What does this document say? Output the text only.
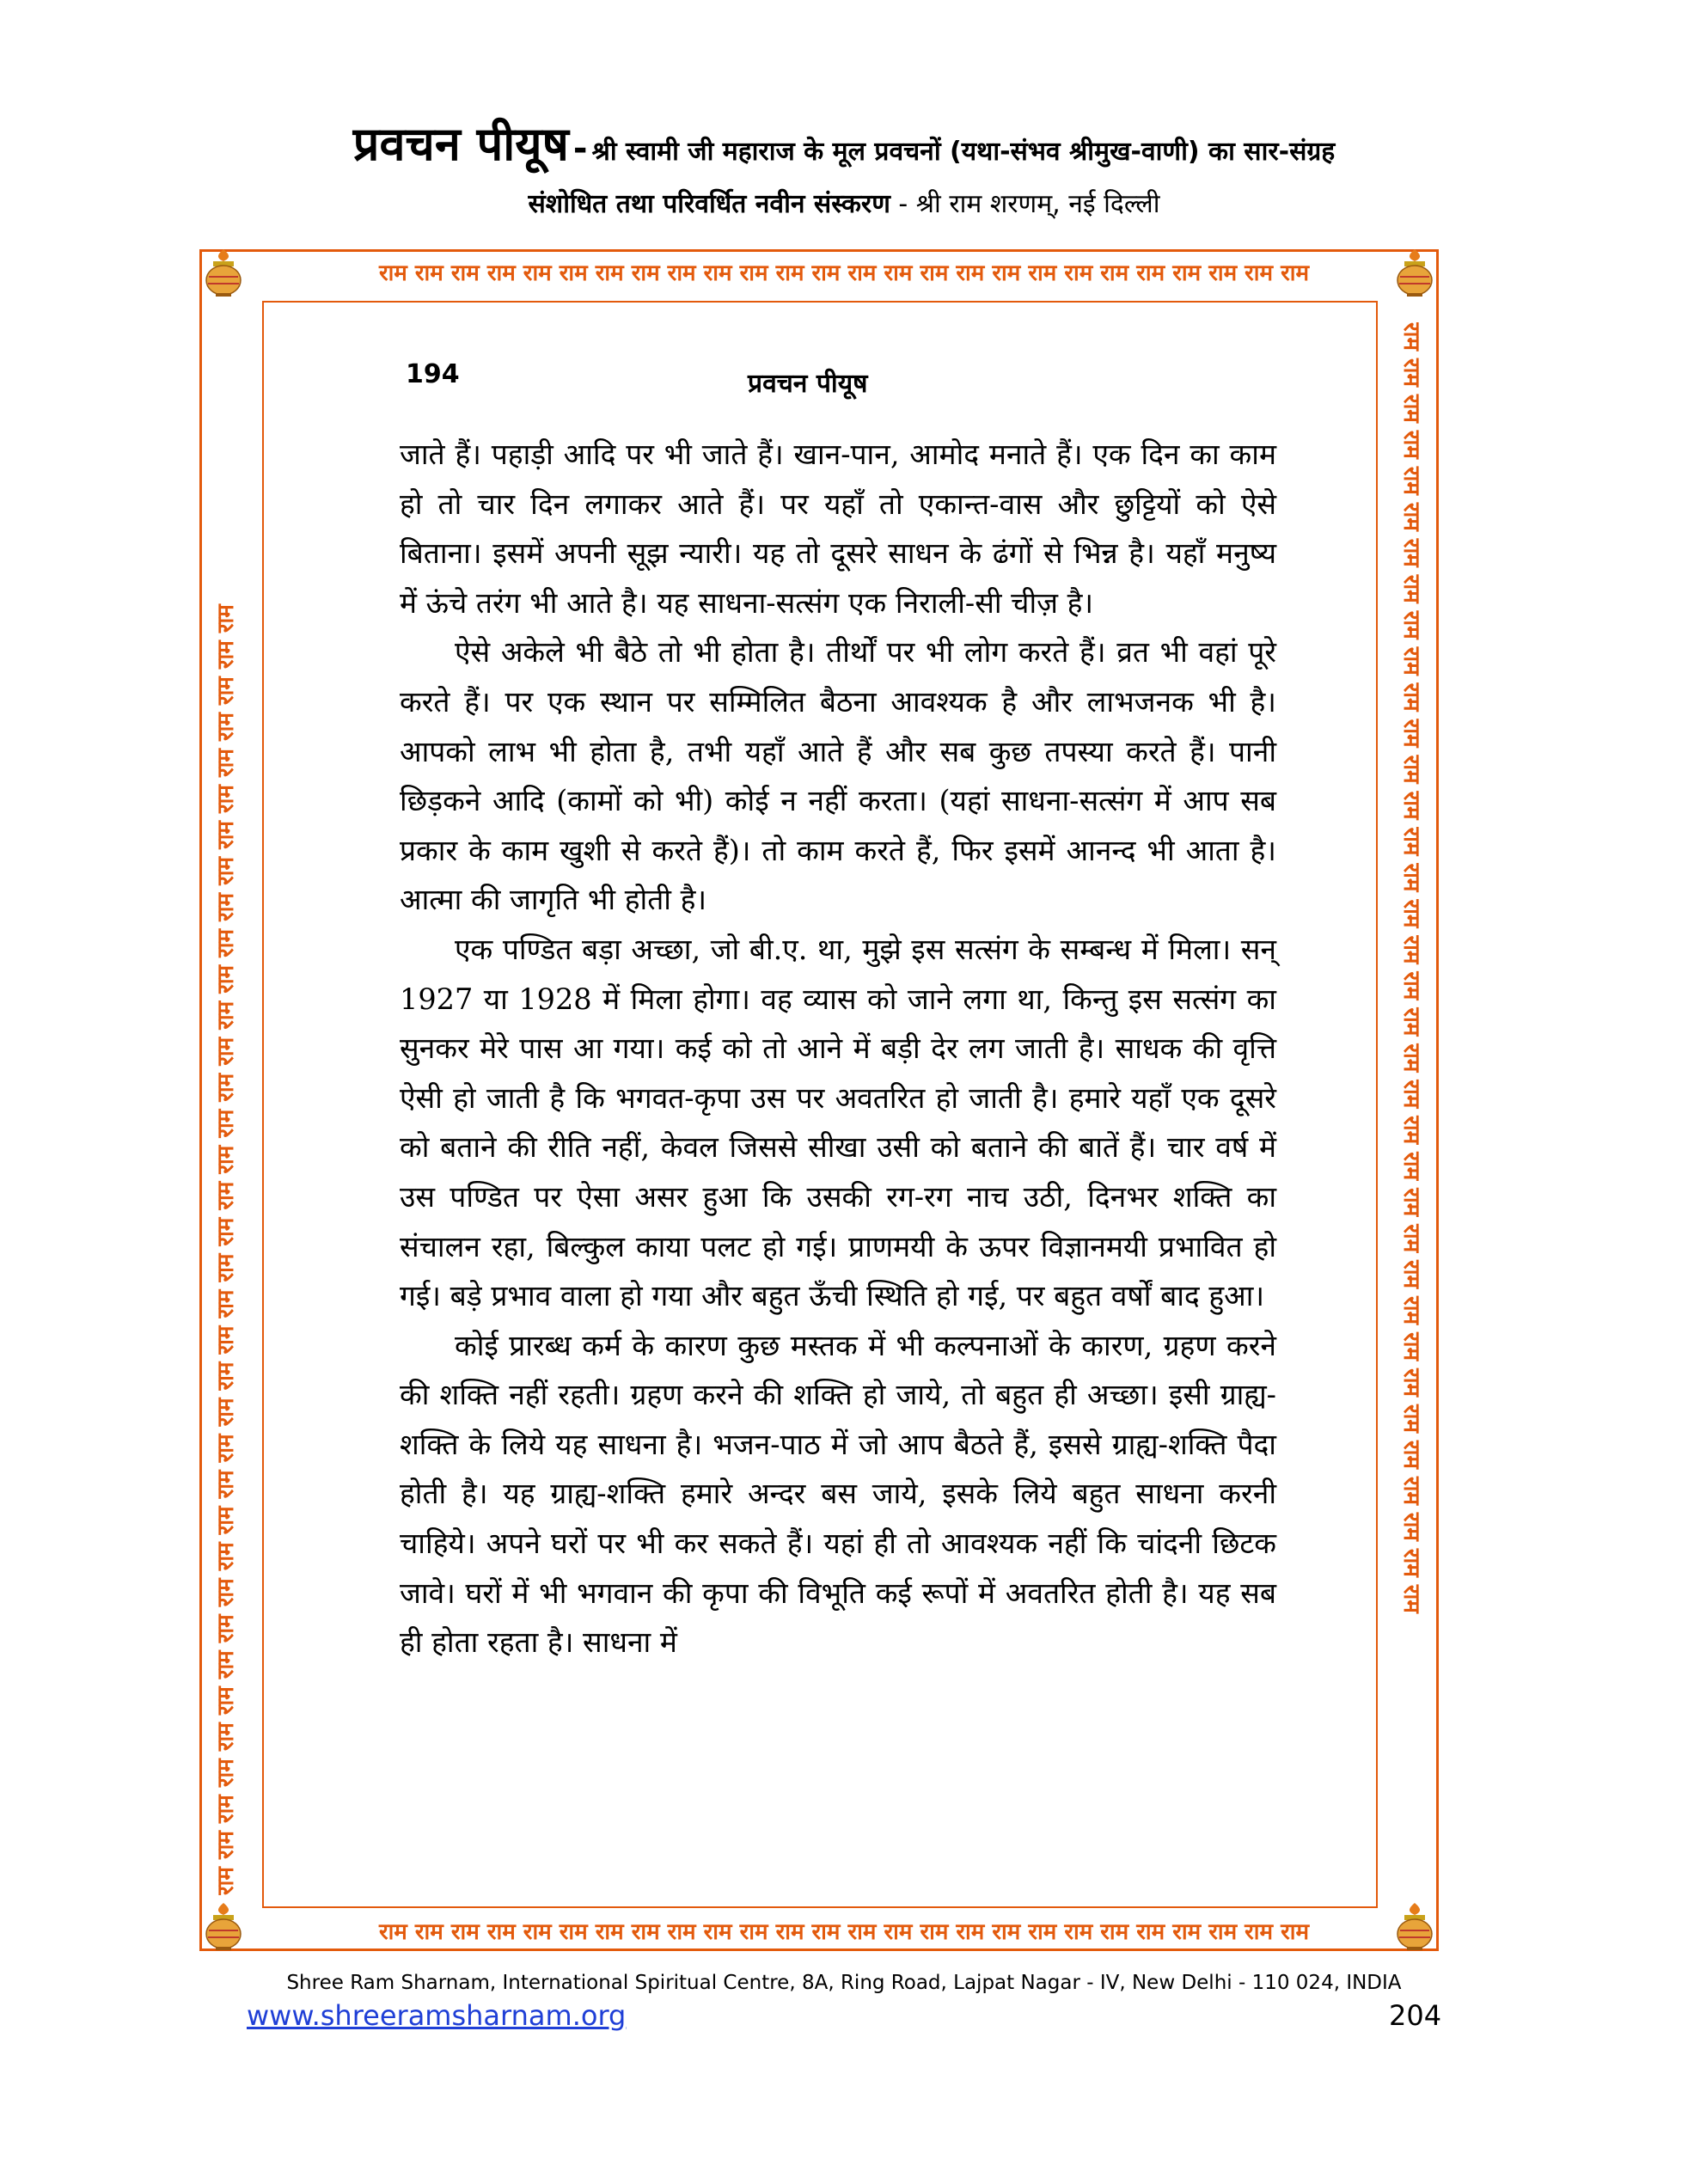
प्रवचन पीयूष - श्री स्वामी जी महाराज के मूल प्रवचनों (यथा-संभव श्रीमुख-वाणी) का सार-संग्रह
संशोधित तथा परिवर्धित नवीन संस्करण - श्री राम शरणम्, नई दिल्ली
राम राम राम राम राम राम राम राम राम राम राम राम राम राम राम राम राम राम राम राम राम राम राम राम राम राम
राम राम राम राम राम राम राम राम राम राम राम राम राम राम राम राम राम राम राम राम राम राम राम राम राम राम
राम राम राम राम राम राम राम राम राम राम राम राम राम राम राम राम राम राम राम राम राम राम राम राम राम राम राम राम राम राम राम राम राम राम राम राम	राम राम राम राम राम राम राम राम राम राम राम राम राम राम राम राम राम राम राम राम राम राम राम राम राम राम राम राम राम राम राम राम राम राम राम राम
194	प्रवचन पीयूष

जाते हैं। पहाड़ी आदि पर भी जाते हैं। खान-पान, आमोद मनाते हैं। एक दिन का काम हो तो चार दिन लगाकर आते हैं। पर यहाँ तो एकान्त-वास और छुट्टियों को ऐसे बिताना। इसमें अपनी सूझ न्यारी। यह तो दूसरे साधन के ढंगों से भिन्न है। यहाँ मनुष्य में ऊंचे तरंग भी आते है। यह साधना-सत्संग एक निराली-सी चीज़ है।

ऐसे अकेले भी बैठे तो भी होता है। तीर्थों पर भी लोग करते हैं। व्रत भी वहां पूरे करते हैं। पर एक स्थान पर सम्मिलित बैठना आवश्यक है और लाभजनक भी है। आपको लाभ भी होता है, तभी यहाँ आते हैं और सब कुछ तपस्या करते हैं। पानी छिड़कने आदि (कामों को भी) कोई न नहीं करता। (यहां साधना-सत्संग में आप सब प्रकार के काम खुशी से करते हैं)। तो काम करते हैं, फिर इसमें आनन्द भी आता है। आत्मा की जागृति भी होती है।

एक पण्डित बड़ा अच्छा, जो बी.ए. था, मुझे इस सत्संग के सम्बन्ध में मिला। सन् 1927 या 1928 में मिला होगा। वह व्यास को जाने लगा था, किन्तु इस सत्संग का सुनकर मेरे पास आ गया। कई को तो आने में बड़ी देर लग जाती है। साधक की वृत्ति ऐसी हो जाती है कि भगवत-कृपा उस पर अवतरित हो जाती है। हमारे यहाँ एक दूसरे को बताने की रीति नहीं, केवल जिससे सीखा उसी को बताने की बातें हैं। चार वर्ष में उस पण्डित पर ऐसा असर हुआ कि उसकी रग-रग नाच उठी, दिनभर शक्ति का संचालन रहा, बिल्कुल काया पलट हो गई। प्राणमयी के ऊपर विज्ञानमयी प्रभावित हो गई। बड़े प्रभाव वाला हो गया और बहुत ऊँची स्थिति हो गई, पर बहुत वर्षों बाद हुआ।

कोई प्रारब्ध कर्म के कारण कुछ मस्तक में भी कल्पनाओं के कारण, ग्रहण करने की शक्ति नहीं रहती। ग्रहण करने की शक्ति हो जाये, तो बहुत ही अच्छा। इसी ग्राह्य-शक्ति के लिये यह साधना है। भजन-पाठ में जो आप बैठते हैं, इससे ग्राह्य-शक्ति पैदा होती है। यह ग्राह्य-शक्ति हमारे अन्दर बस जाये, इसके लिये बहुत साधना करनी चाहिये। अपने घरों पर भी कर सकते हैं। यहां ही तो आवश्यक नहीं कि चांदनी छिटक जावे। घरों में भी भगवान की कृपा की विभूति कई रूपों में अवतरित होती है। यह सब ही होता रहता है। साधना में

Shree Ram Sharnam, International Spiritual Centre, 8A, Ring Road, Lajpat Nagar - IV, New Delhi - 110 024, INDIA
www.shreeramsharnam.org	204
